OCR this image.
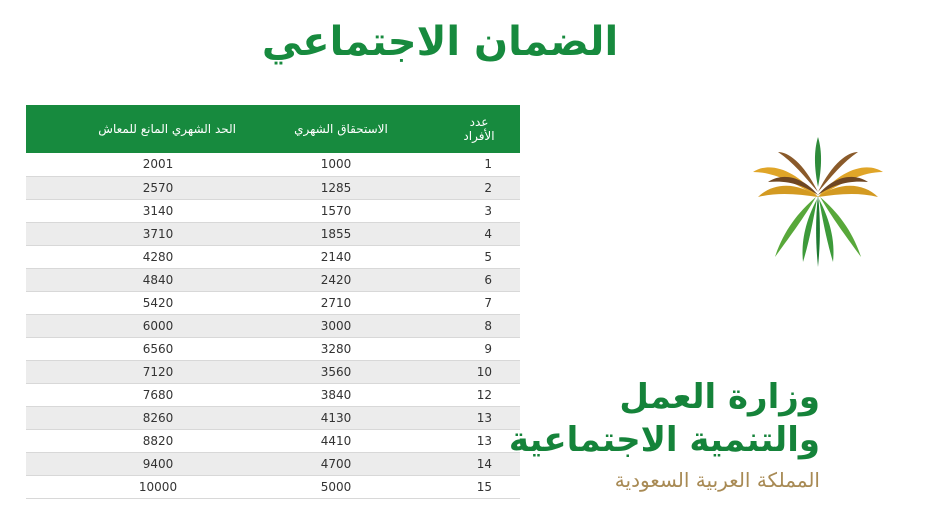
الضمان الاجتماعي
عدد
الأفراد	الاستحقاق الشهري	الحد الشهري المانع للمعاش
1	1000	2001
2	1285	2570
3	1570	3140
4	1855	3710
5	2140	4280
6	2420	4840
7	2710	5420
8	3000	6000
9	3280	6560
10	3560	7120
12	3840	7680
13	4130	8260
13	4410	8820
14	4700	9400
15	5000	10000
وزارة العمل
والتنمية الاجتماعية
المملكة العربية السعودية
